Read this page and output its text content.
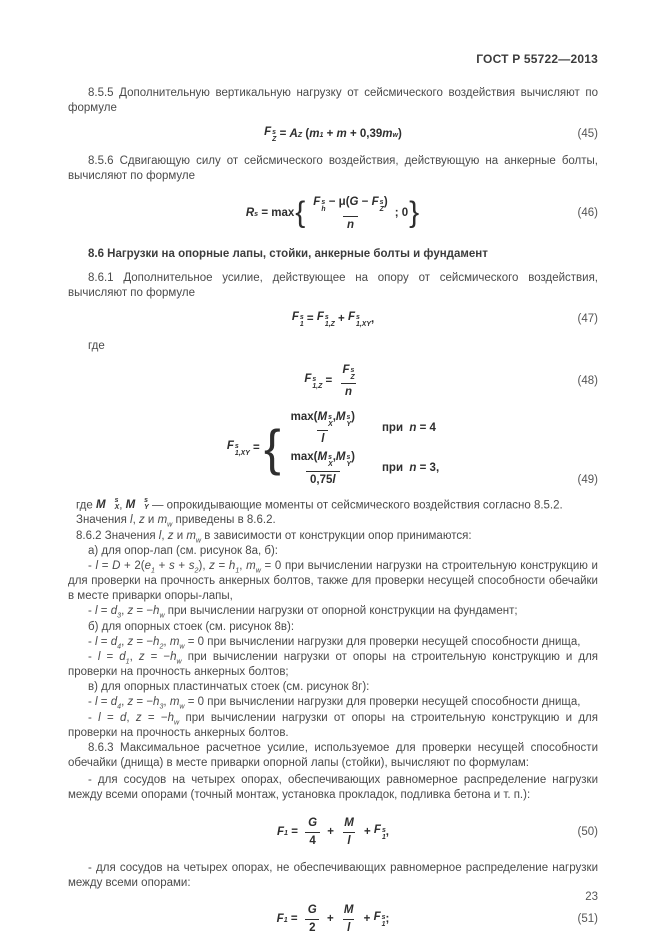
ГОСТ Р 55722—2013

8.5.5 Дополнительную вертикальную нагрузку от сейсмического воздействия вычисляют по формуле

F s
Z = A Z ( m 1 + m + 0,39 m w )	(45)

8.5.6 Сдвигающую силу от сейсмического воздействия, действующую на анкерные болты, вычисляют по формуле

R s = max { F s
h
− μ( G − F s
Z
)
n ; 0 }	(46)
8.6 Нагрузки на опорные лапы, стойки, анкерные болты и фундамент

8.6.1 Дополнительное усилие, действующее на опору от сейсмического воздействия, вычисляют по формуле

F s
1 = F s
1,Z + F s
1,XY ,	(47)

где

F s
1,Z = F s
Z
n	(48)
F s
1,XY = { max( M s
X
, M s
Y
)
l при n = 4
max( M s
X
, M s
Y
)
0,75 l при n = 3,
(49)

где M	s
X , M	s
Y — опрокидывающие моменты от сейсмического воздействия согласно 8.5.2.

Значения l, z и $m_w$ приведены в 8.6.2.

8.6.2 Значения l, z и $m_w$ в зависимости от конструкции опор принимаются:

а) для опор-лап (см. рисунок 8а, б):

- $l = D + 2(e_1 + s + s_2)$, $z = h_1$, $m_w = 0$ при вычислении нагрузки на строительную конструкцию и для проверки на прочность анкерных болтов, также для проверки несущей способности обечайки в месте приварки опоры-лапы,

- $l = d_3$, $z = -h_w$ при вычислении нагрузки от опорной конструкции на фундамент;

б) для опорных стоек (см. рисунок 8в):

- $l = d_4$, $z = -h_2$, $m_w = 0$ при вычислении нагрузки для проверки несущей способности днища,

- $l = d_1$, $z = -h_w$ при вычислении нагрузки от опоры на строительную конструкцию и для проверки на прочность анкерных болтов;

в) для опорных пластинчатых стоек (см. рисунок 8г):

- $l = d_4$, $z = -h_3$, $m_w = 0$ при вычислении нагрузки для проверки несущей способности днища,

- l = d, $z = -h_w$ при вычислении нагрузки от опоры на строительную конструкцию и для проверки на прочность анкерных болтов.

8.6.3 Максимальное расчетное усилие, используемое для проверки несущей способности обечайки (днища) в месте приварки опорной лапы (стойки), вычисляют по формулам:

- для сосудов на четырех опорах, обеспечивающих равномерное распределение нагрузки между всеми опорами (точный монтаж, установка прокладок, подливка бетона и т. п.):

F $1 = \frac{G}{4} + \frac{M}{l} + F$ s
1 ,	(50)

- для сосудов на четырех опорах, не обеспечивающих равномерное распределение нагрузки между всеми опорами:

F $1 = \frac{G}{2} + \frac{M}{l} + F$ s
1 ;	(51)
23
